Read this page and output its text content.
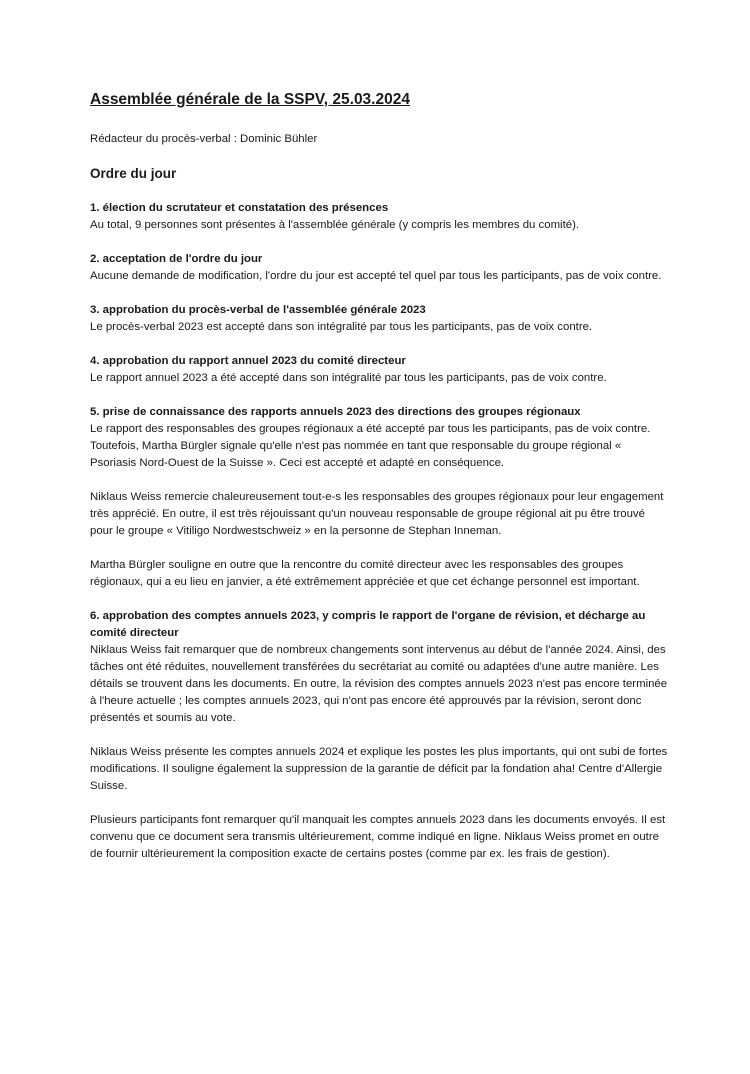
Assemblée générale de la SSPV, 25.03.2024

Rédacteur du procès-verbal : Dominic Bühler

Ordre du jour
1. élection du scrutateur et constatation des présences

Au total, 9 personnes sont présentes à l'assemblée générale (y compris les membres du comité).

2. acceptation de l'ordre du jour

Aucune demande de modification, l'ordre du jour est accepté tel quel par tous les participants, pas de voix contre.

3. approbation du procès-verbal de l'assemblée générale 2023

Le procès-verbal 2023 est accepté dans son intégralité par tous les participants, pas de voix contre.

4. approbation du rapport annuel 2023 du comité directeur

Le rapport annuel 2023 a été accepté dans son intégralité par tous les participants, pas de voix contre.

5. prise de connaissance des rapports annuels 2023 des directions des groupes régionaux

Le rapport des responsables des groupes régionaux a été accepté par tous les participants, pas de voix contre. Toutefois, Martha Bürgler signale qu'elle n'est pas nommée en tant que responsable du groupe régional « Psoriasis Nord-Ouest de la Suisse ». Ceci est accepté et adapté en conséquence.

Niklaus Weiss remercie chaleureusement tout-e-s les responsables des groupes régionaux pour leur engagement très apprécié. En outre, il est très réjouissant qu'un nouveau responsable de groupe régional ait pu être trouvé pour le groupe « Vitiligo Nordwestschweiz » en la personne de Stephan Inneman.

Martha Bürgler souligne en outre que la rencontre du comité directeur avec les responsables des groupes régionaux, qui a eu lieu en janvier, a été extrêmement appréciée et que cet échange personnel est important.

6. approbation des comptes annuels 2023, y compris le rapport de l'organe de révision, et décharge au comité directeur

Niklaus Weiss fait remarquer que de nombreux changements sont intervenus au début de l'année 2024. Ainsi, des tâches ont été réduites, nouvellement transférées du secrétariat au comité ou adaptées d'une autre manière. Les détails se trouvent dans les documents. En outre, la révision des comptes annuels 2023 n'est pas encore terminée à l'heure actuelle ; les comptes annuels 2023, qui n'ont pas encore été approuvés par la révision, seront donc présentés et soumis au vote.

Niklaus Weiss présente les comptes annuels 2024 et explique les postes les plus importants, qui ont subi de fortes modifications. Il souligne également la suppression de la garantie de déficit par la fondation aha! Centre d'Allergie Suisse.

Plusieurs participants font remarquer qu'il manquait les comptes annuels 2023 dans les documents envoyés. Il est convenu que ce document sera transmis ultérieurement, comme indiqué en ligne. Niklaus Weiss promet en outre de fournir ultérieurement la composition exacte de certains postes (comme par ex. les frais de gestion).
